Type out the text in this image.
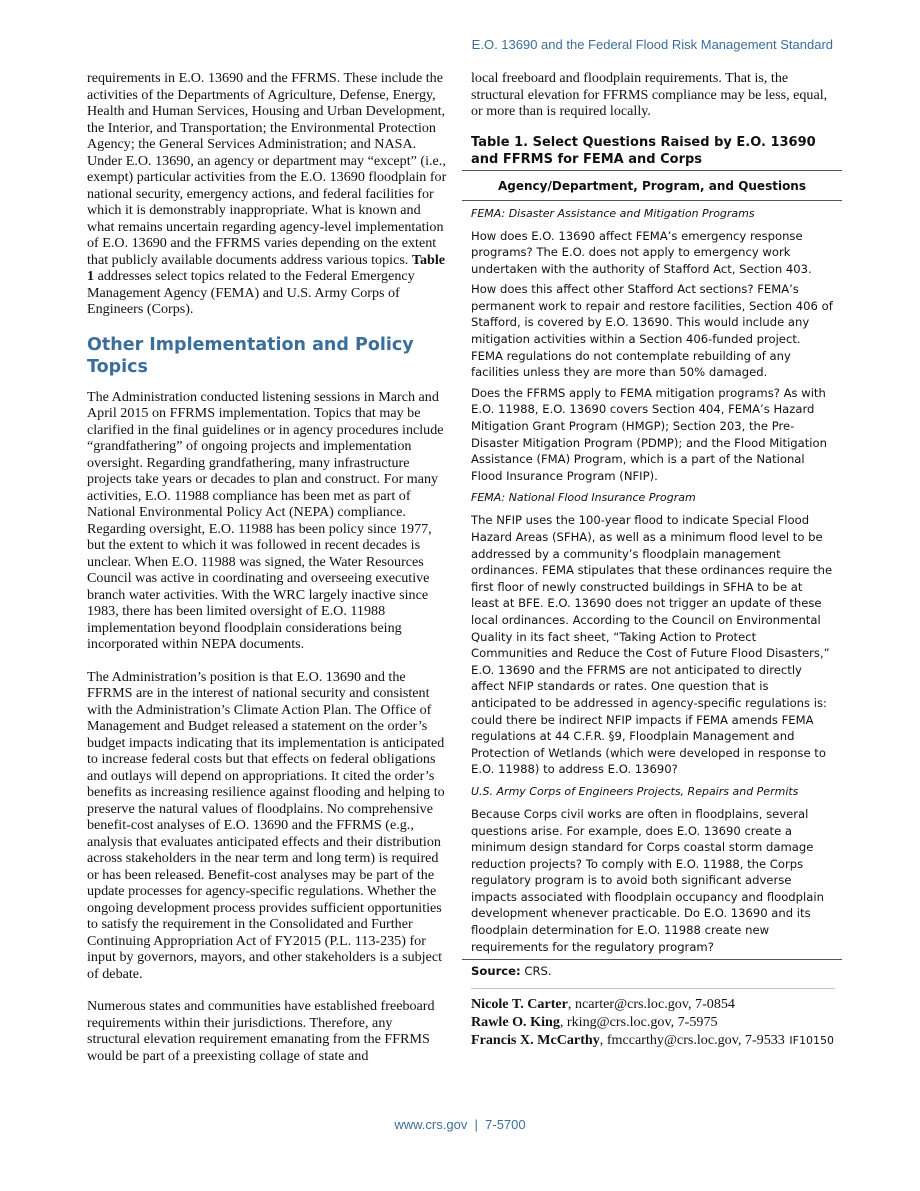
E.O. 13690 and the Federal Flood Risk Management Standard

requirements in E.O. 13690 and the FFRMS. These include the activities of the Departments of Agriculture, Defense, Energy, Health and Human Services, Housing and Urban Development, the Interior, and Transportation; the Environmental Protection Agency; the General Services Administration; and NASA. Under E.O. 13690, an agency or department may “except” (i.e., exempt) particular activities from the E.O. 13690 floodplain for national security, emergency actions, and federal facilities for which it is demonstrably inappropriate. What is known and what remains uncertain regarding agency-level implementation of E.O. 13690 and the FFRMS varies depending on the extent that publicly available documents address various topics. Table 1 addresses select topics related to the Federal Emergency Management Agency (FEMA) and U.S. Army Corps of Engineers (Corps).

Other Implementation and Policy Topics

The Administration conducted listening sessions in March and April 2015 on FFRMS implementation. Topics that may be clarified in the final guidelines or in agency procedures include “grandfathering” of ongoing projects and implementation oversight. Regarding grandfathering, many infrastructure projects take years or decades to plan and construct. For many activities, E.O. 11988 compliance has been met as part of National Environmental Policy Act (NEPA) compliance. Regarding oversight, E.O. 11988 has been policy since 1977, but the extent to which it was followed in recent decades is unclear. When E.O. 11988 was signed, the Water Resources Council was active in coordinating and overseeing executive branch water activities. With the WRC largely inactive since 1983, there has been limited oversight of E.O. 11988 implementation beyond floodplain considerations being incorporated within NEPA documents.

The Administration’s position is that E.O. 13690 and the FFRMS are in the interest of national security and consistent with the Administration’s Climate Action Plan. The Office of Management and Budget released a statement on the order’s budget impacts indicating that its implementation is anticipated to increase federal costs but that effects on federal obligations and outlays will depend on appropriations. It cited the order’s benefits as increasing resilience against flooding and helping to preserve the natural values of floodplains. No comprehensive benefit-cost analyses of E.O. 13690 and the FFRMS (e.g., analysis that evaluates anticipated effects and their distribution across stakeholders in the near term and long term) is required or has been released. Benefit-cost analyses may be part of the update processes for agency-specific regulations. Whether the ongoing development process provides sufficient opportunities to satisfy the requirement in the Consolidated and Further Continuing Appropriation Act of FY2015 (P.L. 113-235) for input by governors, mayors, and other stakeholders is a subject of debate.

Numerous states and communities have established freeboard requirements within their jurisdictions. Therefore, any structural elevation requirement emanating from the FFRMS would be part of a preexisting collage of state and

local freeboard and floodplain requirements. That is, the structural elevation for FFRMS compliance may be less, equal, or more than is required locally.

Table 1. Select Questions Raised by E.O. 13690 and FFRMS for FEMA and Corps
Agency/Department, Program, and Questions
FEMA: Disaster Assistance and Mitigation Programs
How does E.O. 13690 affect FEMA’s emergency response programs? The E.O. does not apply to emergency work undertaken with the authority of Stafford Act, Section 403.
How does this affect other Stafford Act sections? FEMA’s permanent work to repair and restore facilities, Section 406 of Stafford, is covered by E.O. 13690. This would include any mitigation activities within a Section 406-funded project. FEMA regulations do not contemplate rebuilding of any facilities unless they are more than 50% damaged.
Does the FFRMS apply to FEMA mitigation programs? As with E.O. 11988, E.O. 13690 covers Section 404, FEMA’s Hazard Mitigation Grant Program (HMGP); Section 203, the Pre-Disaster Mitigation Program (PDMP); and the Flood Mitigation Assistance (FMA) Program, which is a part of the National Flood Insurance Program (NFIP).
FEMA: National Flood Insurance Program
The NFIP uses the 100-year flood to indicate Special Flood Hazard Areas (SFHA), as well as a minimum flood level to be addressed by a community’s floodplain management ordinances. FEMA stipulates that these ordinances require the first floor of newly constructed buildings in SFHA to be at least at BFE. E.O. 13690 does not trigger an update of these local ordinances. According to the Council on Environmental Quality in its fact sheet, “Taking Action to Protect Communities and Reduce the Cost of Future Flood Disasters,” E.O. 13690 and the FFRMS are not anticipated to directly affect NFIP standards or rates. One question that is anticipated to be addressed in agency-specific regulations is: could there be indirect NFIP impacts if FEMA amends FEMA regulations at 44 C.F.R. §9, Floodplain Management and Protection of Wetlands (which were developed in response to E.O. 11988) to address E.O. 13690?
U.S. Army Corps of Engineers Projects, Repairs and Permits
Because Corps civil works are often in floodplains, several questions arise. For example, does E.O. 13690 create a minimum design standard for Corps coastal storm damage reduction projects? To comply with E.O. 11988, the Corps regulatory program is to avoid both significant adverse impacts associated with floodplain occupancy and floodplain development whenever practicable. Do E.O. 13690 and its floodplain determination for E.O. 11988 create new requirements for the regulatory program?
Source: CRS.
Nicole T. Carter, ncarter@crs.loc.gov, 7-0854
Rawle O. King, rking@crs.loc.gov, 7-5975
Francis X. McCarthy, fmccarthy@crs.loc.gov, 7-9533 IF10150
www.crs.gov  |  7-5700
